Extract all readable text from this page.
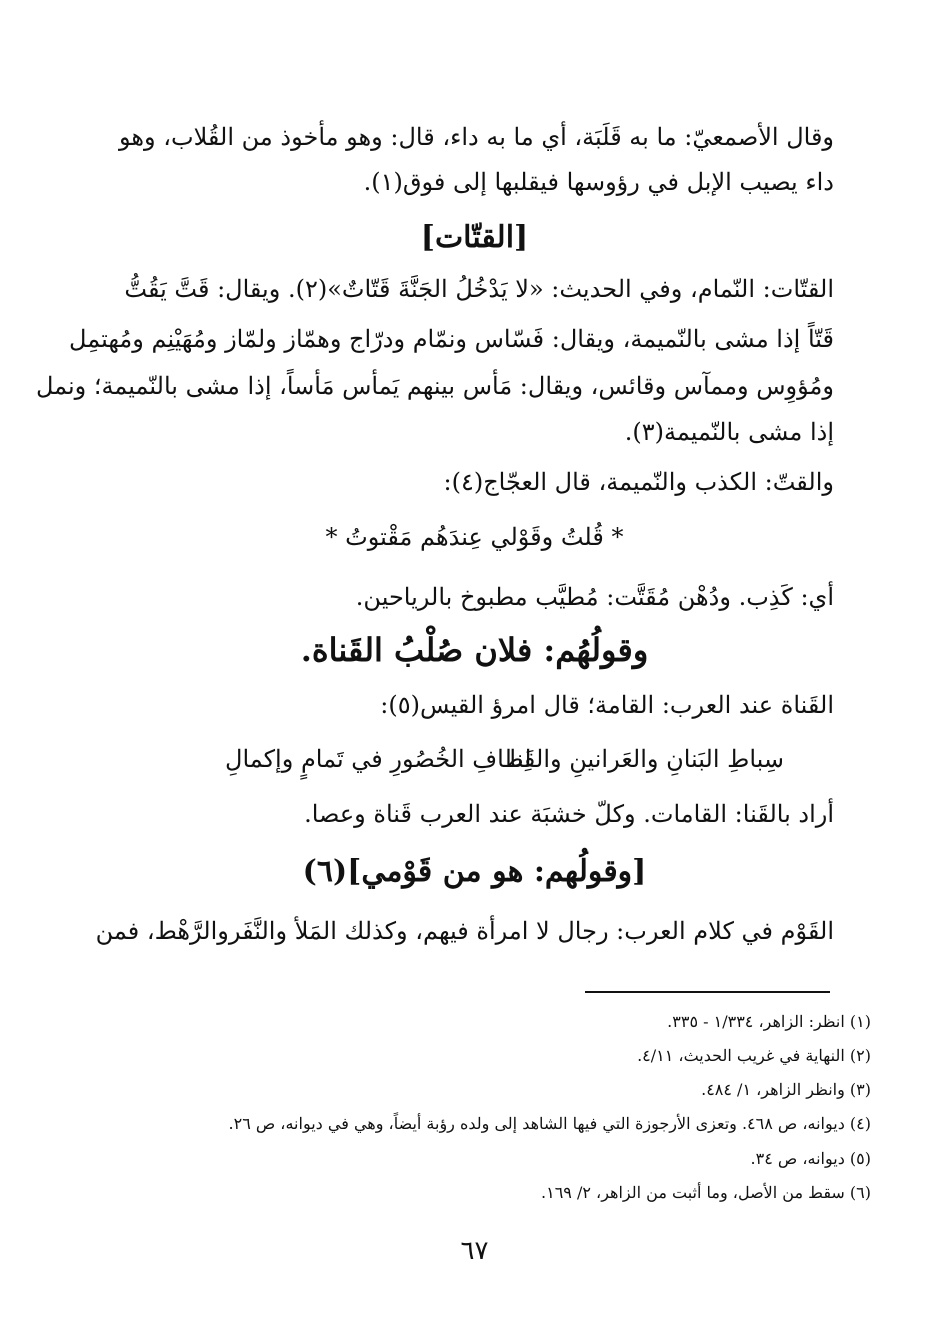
وقال الأصمعيّ: ما به قَلَبَة، أي ما به داء، قال: وهو مأخوذ من القُلاب، وهو
داء يصيب الإبل في رؤوسها فيقلبها إلى فوق(١).
[القتّات]
القتّات: النّمام، وفي الحديث: «لا يَدْخُلُ الجَنَّةَ قَتّاتٌ»(٢). ويقال: قَتَّ يَقُتُّ
قَتّاً إذا مشى بالنّميمة، ويقال: فَسّاس ونمّام ودرّاج وهمّاز ولمّاز ومُهَيْنِم ومُهتمِل
ومُؤوِس وممآس وقائس، ويقال: مَأس بينهم يَمأس مَأساً، إذا مشى بالنّميمة؛ ونمل
إذا مشى بالنّميمة(٣).
والقتّ: الكذب والنّميمة، قال العجّاج(٤):
* قُلتُ وقَوْلي عِندَهُم مَقْتوتُ *
أي: كَذِب. ودُهْن مُقَتَّت: مُطيَّب مطبوخ بالرياحين.
وقولُهُم: فلان صُلْبُ القَناة.
القَناة عند العرب: القامة؛ قال امرؤ القيس(٥):
سِباطِ البَنانِ والعَرانينِ والقَنا
لِطافِ الخُصُورِ في تَمامٍ وإكمالِ
أراد بالقَنا: القامات. وكلّ خشبَة عند العرب قَناة وعصا.
[وقولُهم: هو من قَوْمي](٦)
القَوْم في كلام العرب: رجال لا امرأة فيهم، وكذلك المَلأ والنَّفَروالرَّهْط، فمن
(١) انظر: الزاهر، ١/٣٣٤ - ٣٣٥.
(٢) النهاية في غريب الحديث، ٤/١١.
(٣) وانظر الزاهر، ١/ ٤٨٤.
(٤) ديوانه، ص ٤٦٨. وتعزى الأرجوزة التي فيها الشاهد إلى ولده رؤبة أيضاً، وهي في ديوانه، ص ٢٦.
(٥) ديوانه، ص ٣٤.
(٦) سقط من الأصل، وما أثبت من الزاهر، ٢/ ١٦٩.
٦٧
